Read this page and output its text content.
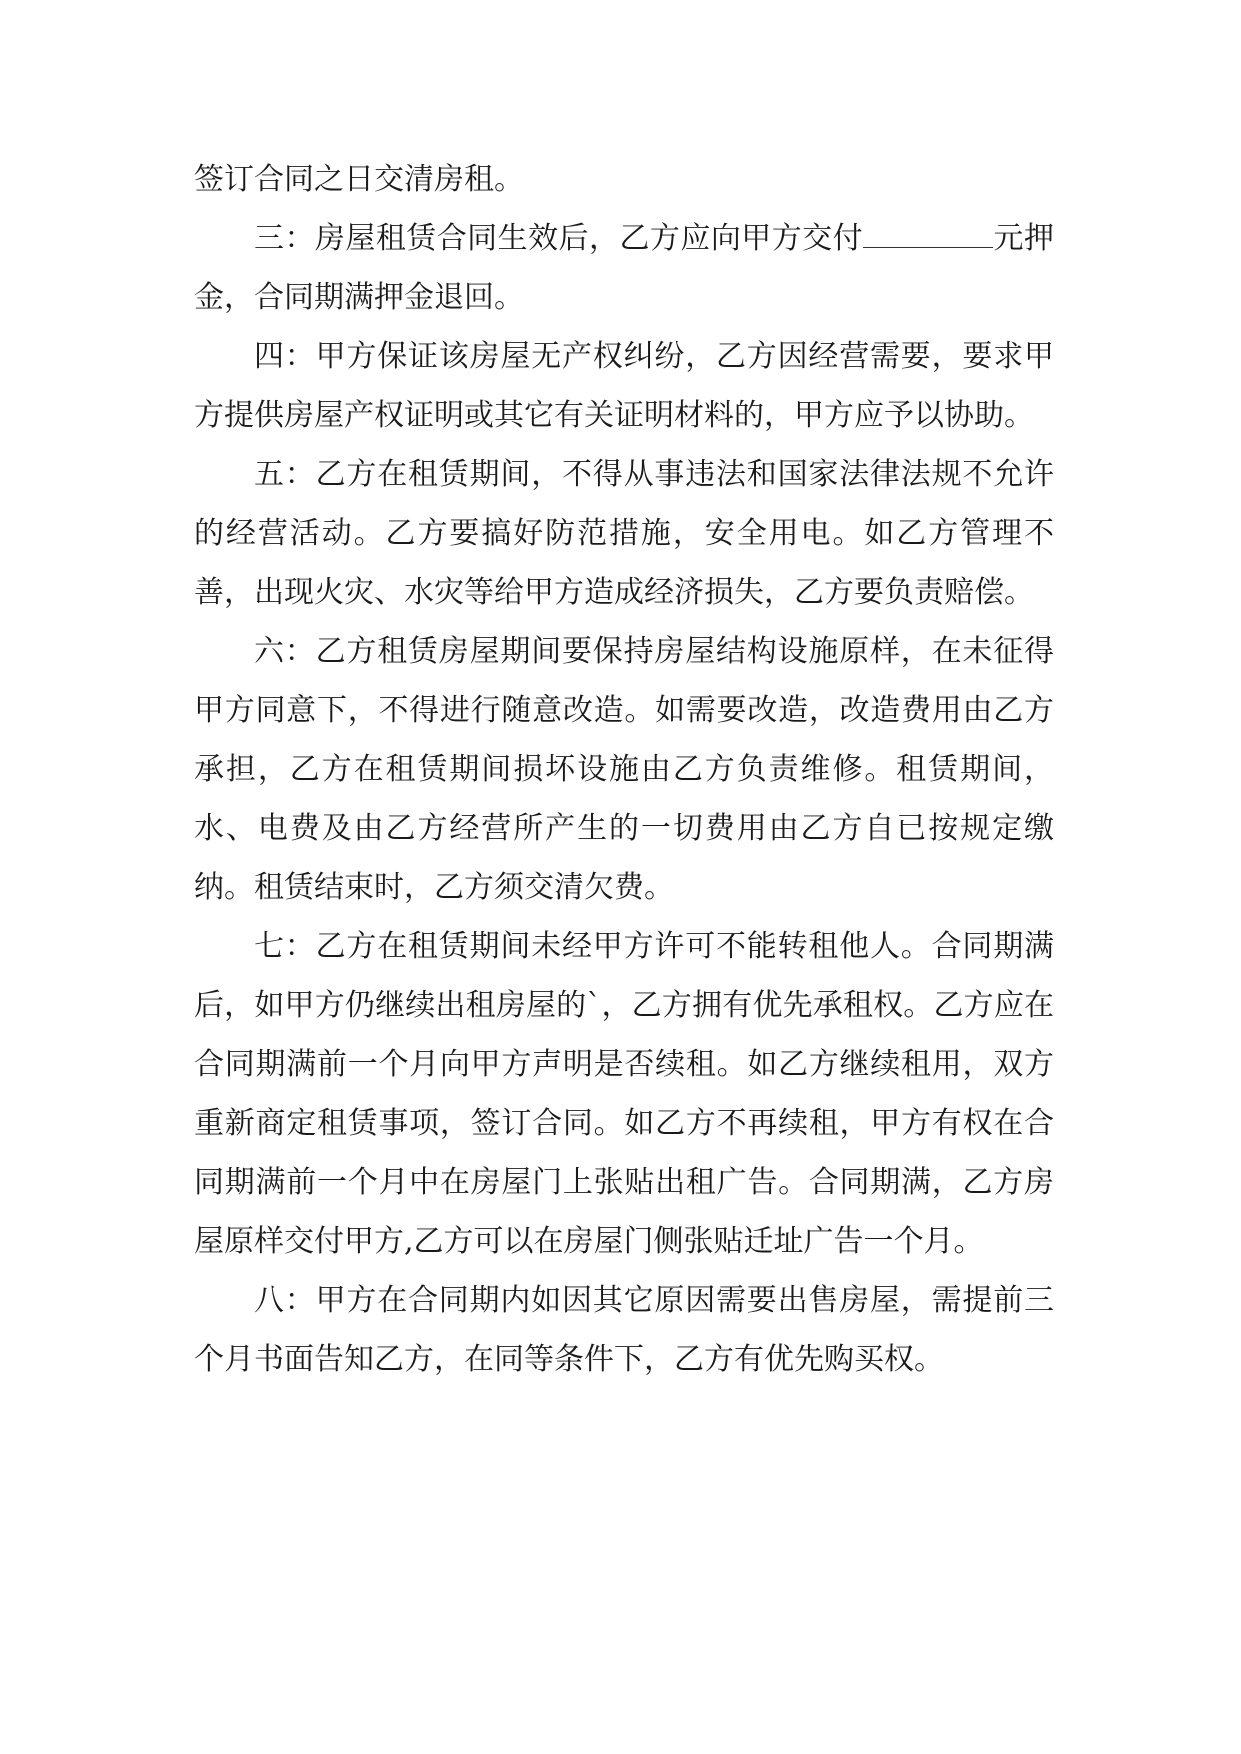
签订合同之日交清房租。

三：房屋租赁合同生效后，乙方应向甲方交付	元押金，合同期满押金退回。

四：甲方保证该房屋无产权纠纷，乙方因经营需要，要求甲方提供房屋产权证明或其它有关证明材料的，甲方应予以协助。

五：乙方在租赁期间，不得从事违法和国家法律法规不允许的经营活动。乙方要搞好防范措施，安全用电。如乙方管理不善，出现火灾、水灾等给甲方造成经济损失，乙方要负责赔偿。

六：乙方租赁房屋期间要保持房屋结构设施原样，在未征得甲方同意下，不得进行随意改造。如需要改造，改造费用由乙方承担，乙方在租赁期间损坏设施由乙方负责维修。租赁期间，水、电费及由乙方经营所产生的一切费用由乙方自已按规定缴纳。租赁结束时，乙方须交清欠费。

七：乙方在租赁期间未经甲方许可不能转租他人。合同期满后，如甲方仍继续出租房屋的`，乙方拥有优先承租权。乙方应在合同期满前一个月向甲方声明是否续租。如乙方继续租用，双方重新商定租赁事项，签订合同。如乙方不再续租，甲方有权在合同期满前一个月中在房屋门上张贴出租广告。合同期满，乙方房屋原样交付甲方,乙方可以在房屋门侧张贴迁址广告一个月。

八：甲方在合同期内如因其它原因需要出售房屋，需提前三个月书面告知乙方，在同等条件下，乙方有优先购买权。
